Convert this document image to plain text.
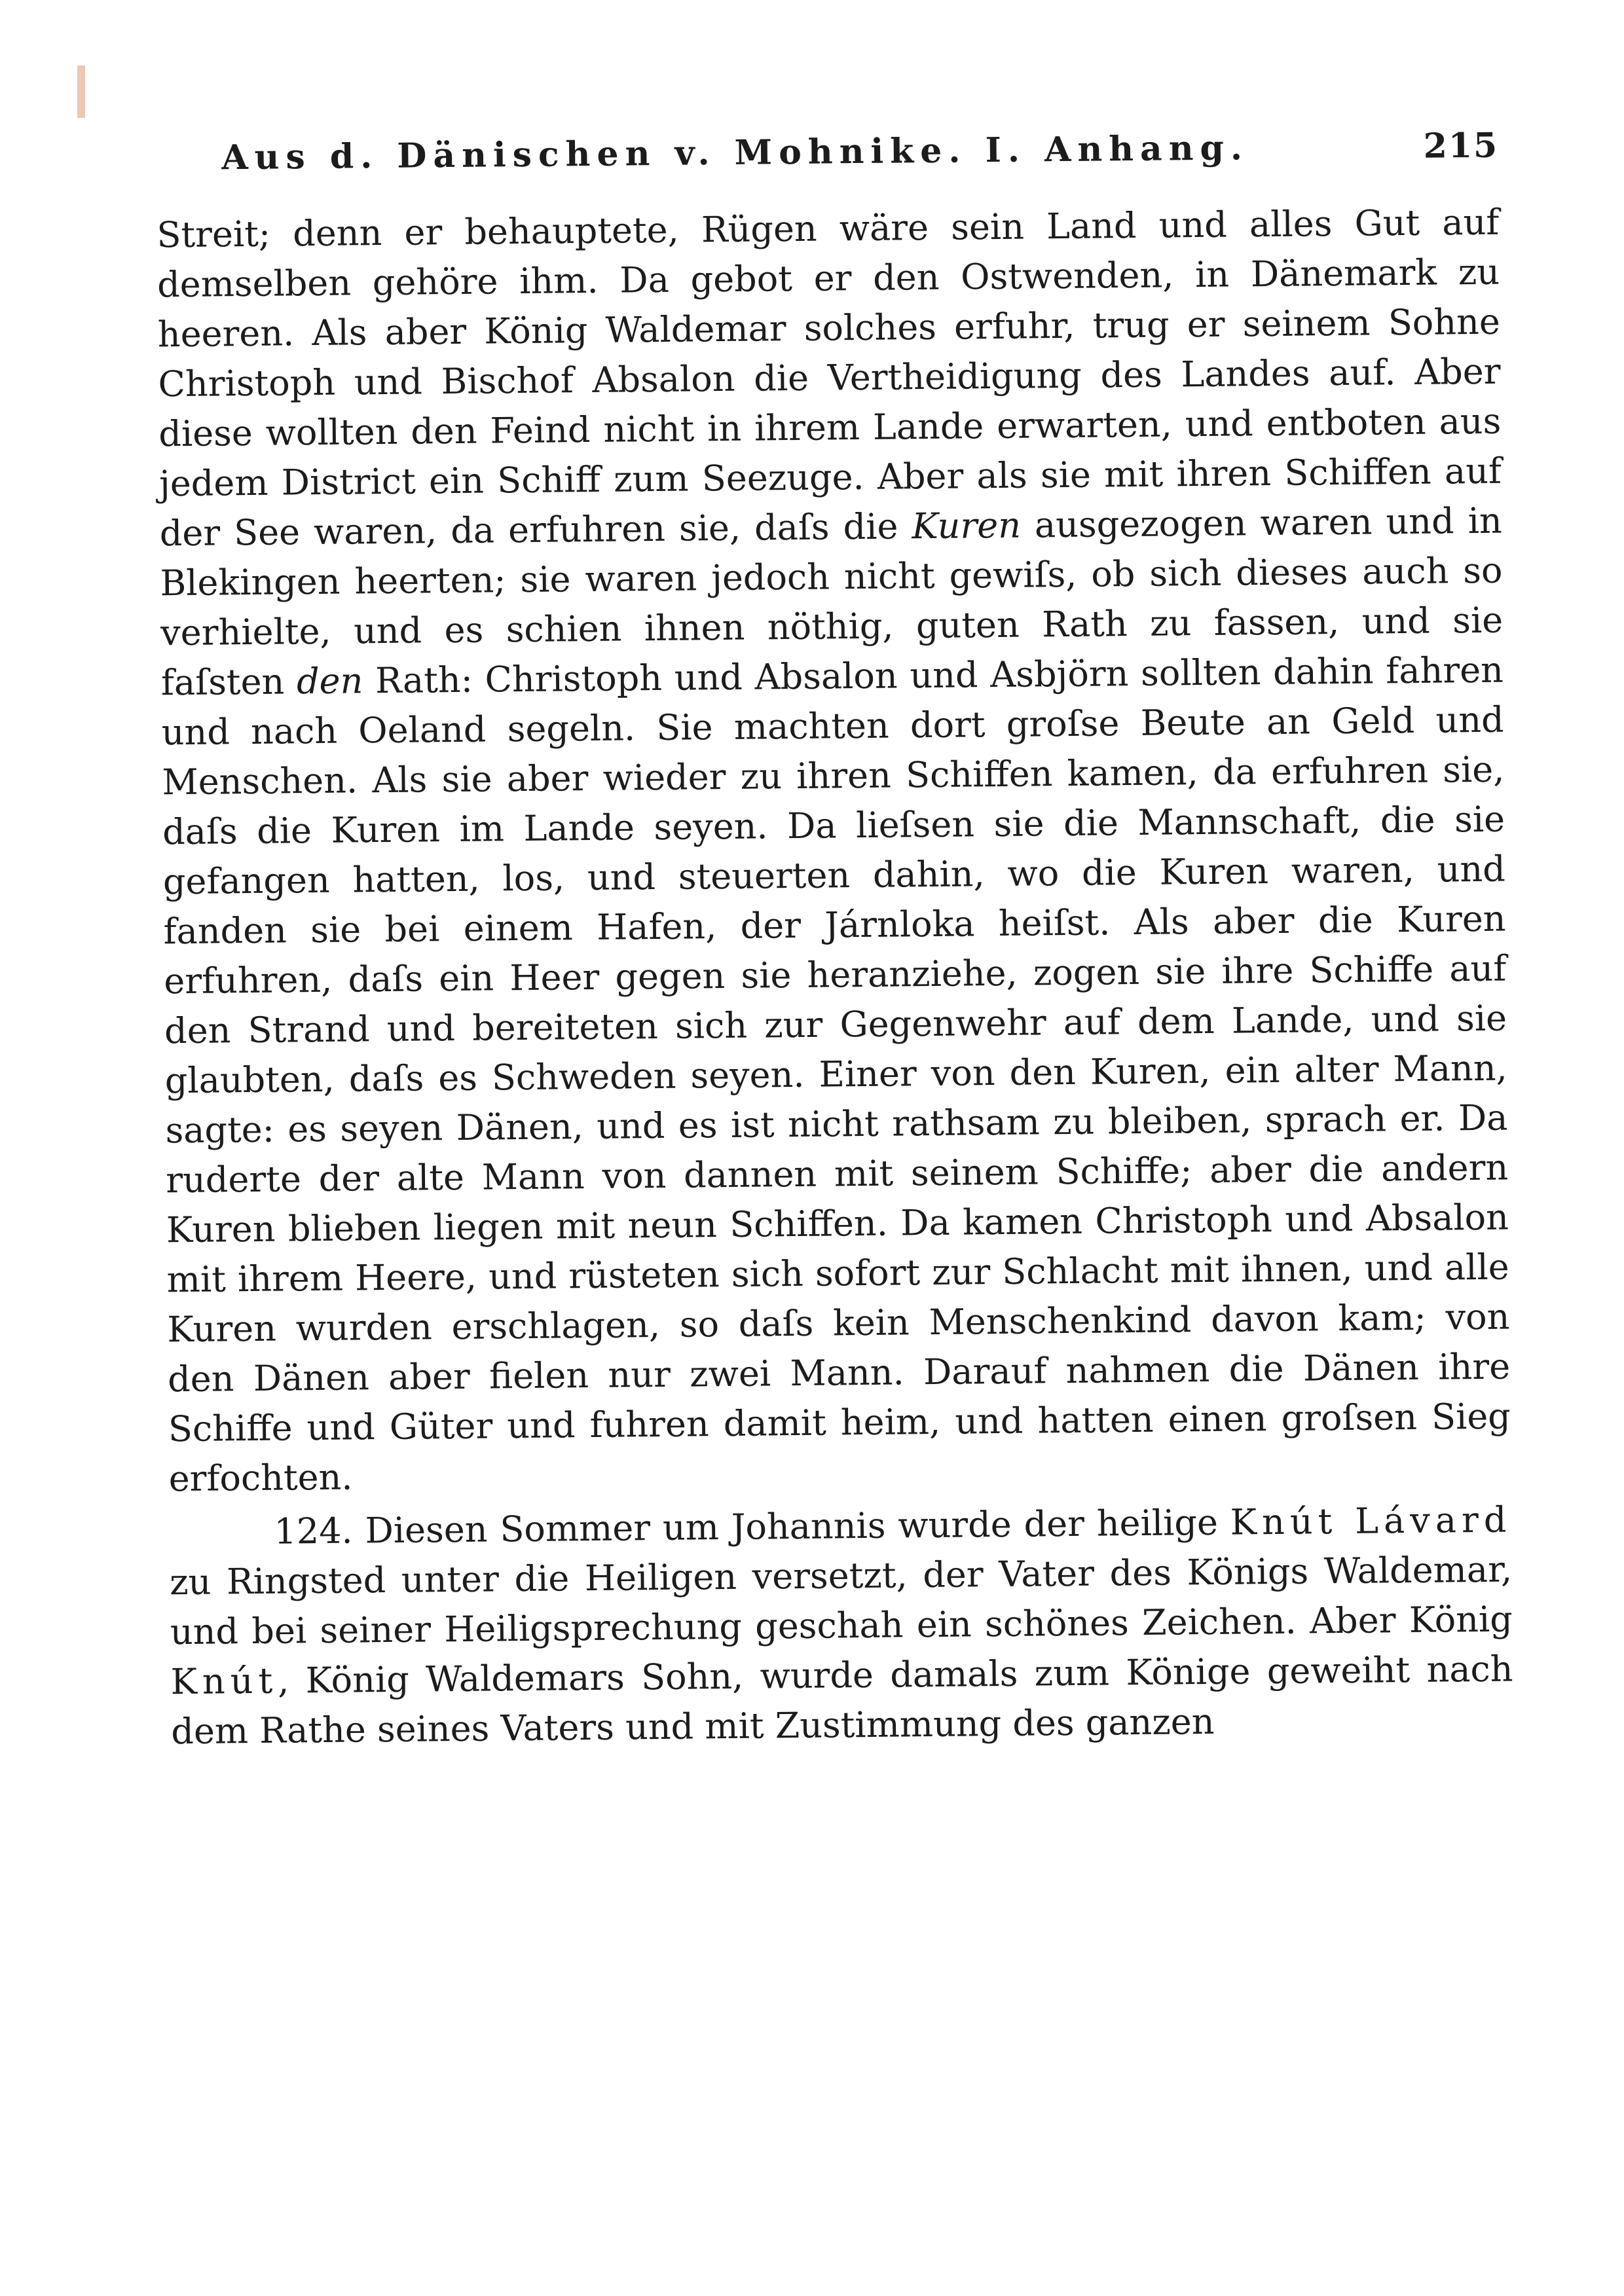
Aus d. Dänischen v. Mohnike. I. Anhang.	215

Streit; denn er behauptete, Rügen wäre sein Land und alles Gut auf demselben gehöre ihm. Da gebot er den Ostwenden, in Dänemark zu heeren. Als aber König Waldemar solches erfuhr, trug er seinem Sohne Christoph und Bischof Absalon die Vertheidigung des Landes auf. Aber diese wollten den Feind nicht in ihrem Lande erwarten, und entboten aus jedem District ein Schiff zum Seezuge. Aber als sie mit ihren Schiffen auf der See waren, da erfuhren sie, daſs die Kuren ausgezogen waren und in Blekingen heerten; sie waren jedoch nicht gewiſs, ob sich dieses auch so verhielte, und es schien ihnen nöthig, guten Rath zu fassen, und sie faſsten den Rath: Christoph und Absalon und Asbjörn sollten dahin fahren und nach Oeland segeln. Sie machten dort groſse Beute an Geld und Menschen. Als sie aber wieder zu ihren Schiffen kamen, da erfuhren sie, daſs die Kuren im Lande seyen. Da lieſsen sie die Mannschaft, die sie gefangen hatten, los, und steuerten dahin, wo die Kuren waren, und fanden sie bei einem Hafen, der Járnloka heiſst. Als aber die Kuren erfuhren, daſs ein Heer gegen sie heranziehe, zogen sie ihre Schiffe auf den Strand und bereiteten sich zur Gegenwehr auf dem Lande, und sie glaubten, daſs es Schweden seyen. Einer von den Kuren, ein alter Mann, sagte: es seyen Dänen, und es ist nicht rathsam zu bleiben, sprach er. Da ruderte der alte Mann von dannen mit seinem Schiffe; aber die andern Kuren blieben liegen mit neun Schiffen. Da kamen Christoph und Absalon mit ihrem Heere, und rüsteten sich sofort zur Schlacht mit ihnen, und alle Kuren wurden erschlagen, so daſs kein Menschenkind davon kam; von den Dänen aber fielen nur zwei Mann. Darauf nahmen die Dänen ihre Schiffe und Güter und fuhren damit heim, und hatten einen groſsen Sieg erfochten.

124. Diesen Sommer um Johannis wurde der heilige Knút Lávard zu Ringsted unter die Heiligen versetzt, der Vater des Königs Waldemar, und bei seiner Heiligsprechung geschah ein schönes Zeichen. Aber König Knút, König Waldemars Sohn, wurde damals zum Könige geweiht nach dem Rathe seines Vaters und mit Zustimmung des ganzen
